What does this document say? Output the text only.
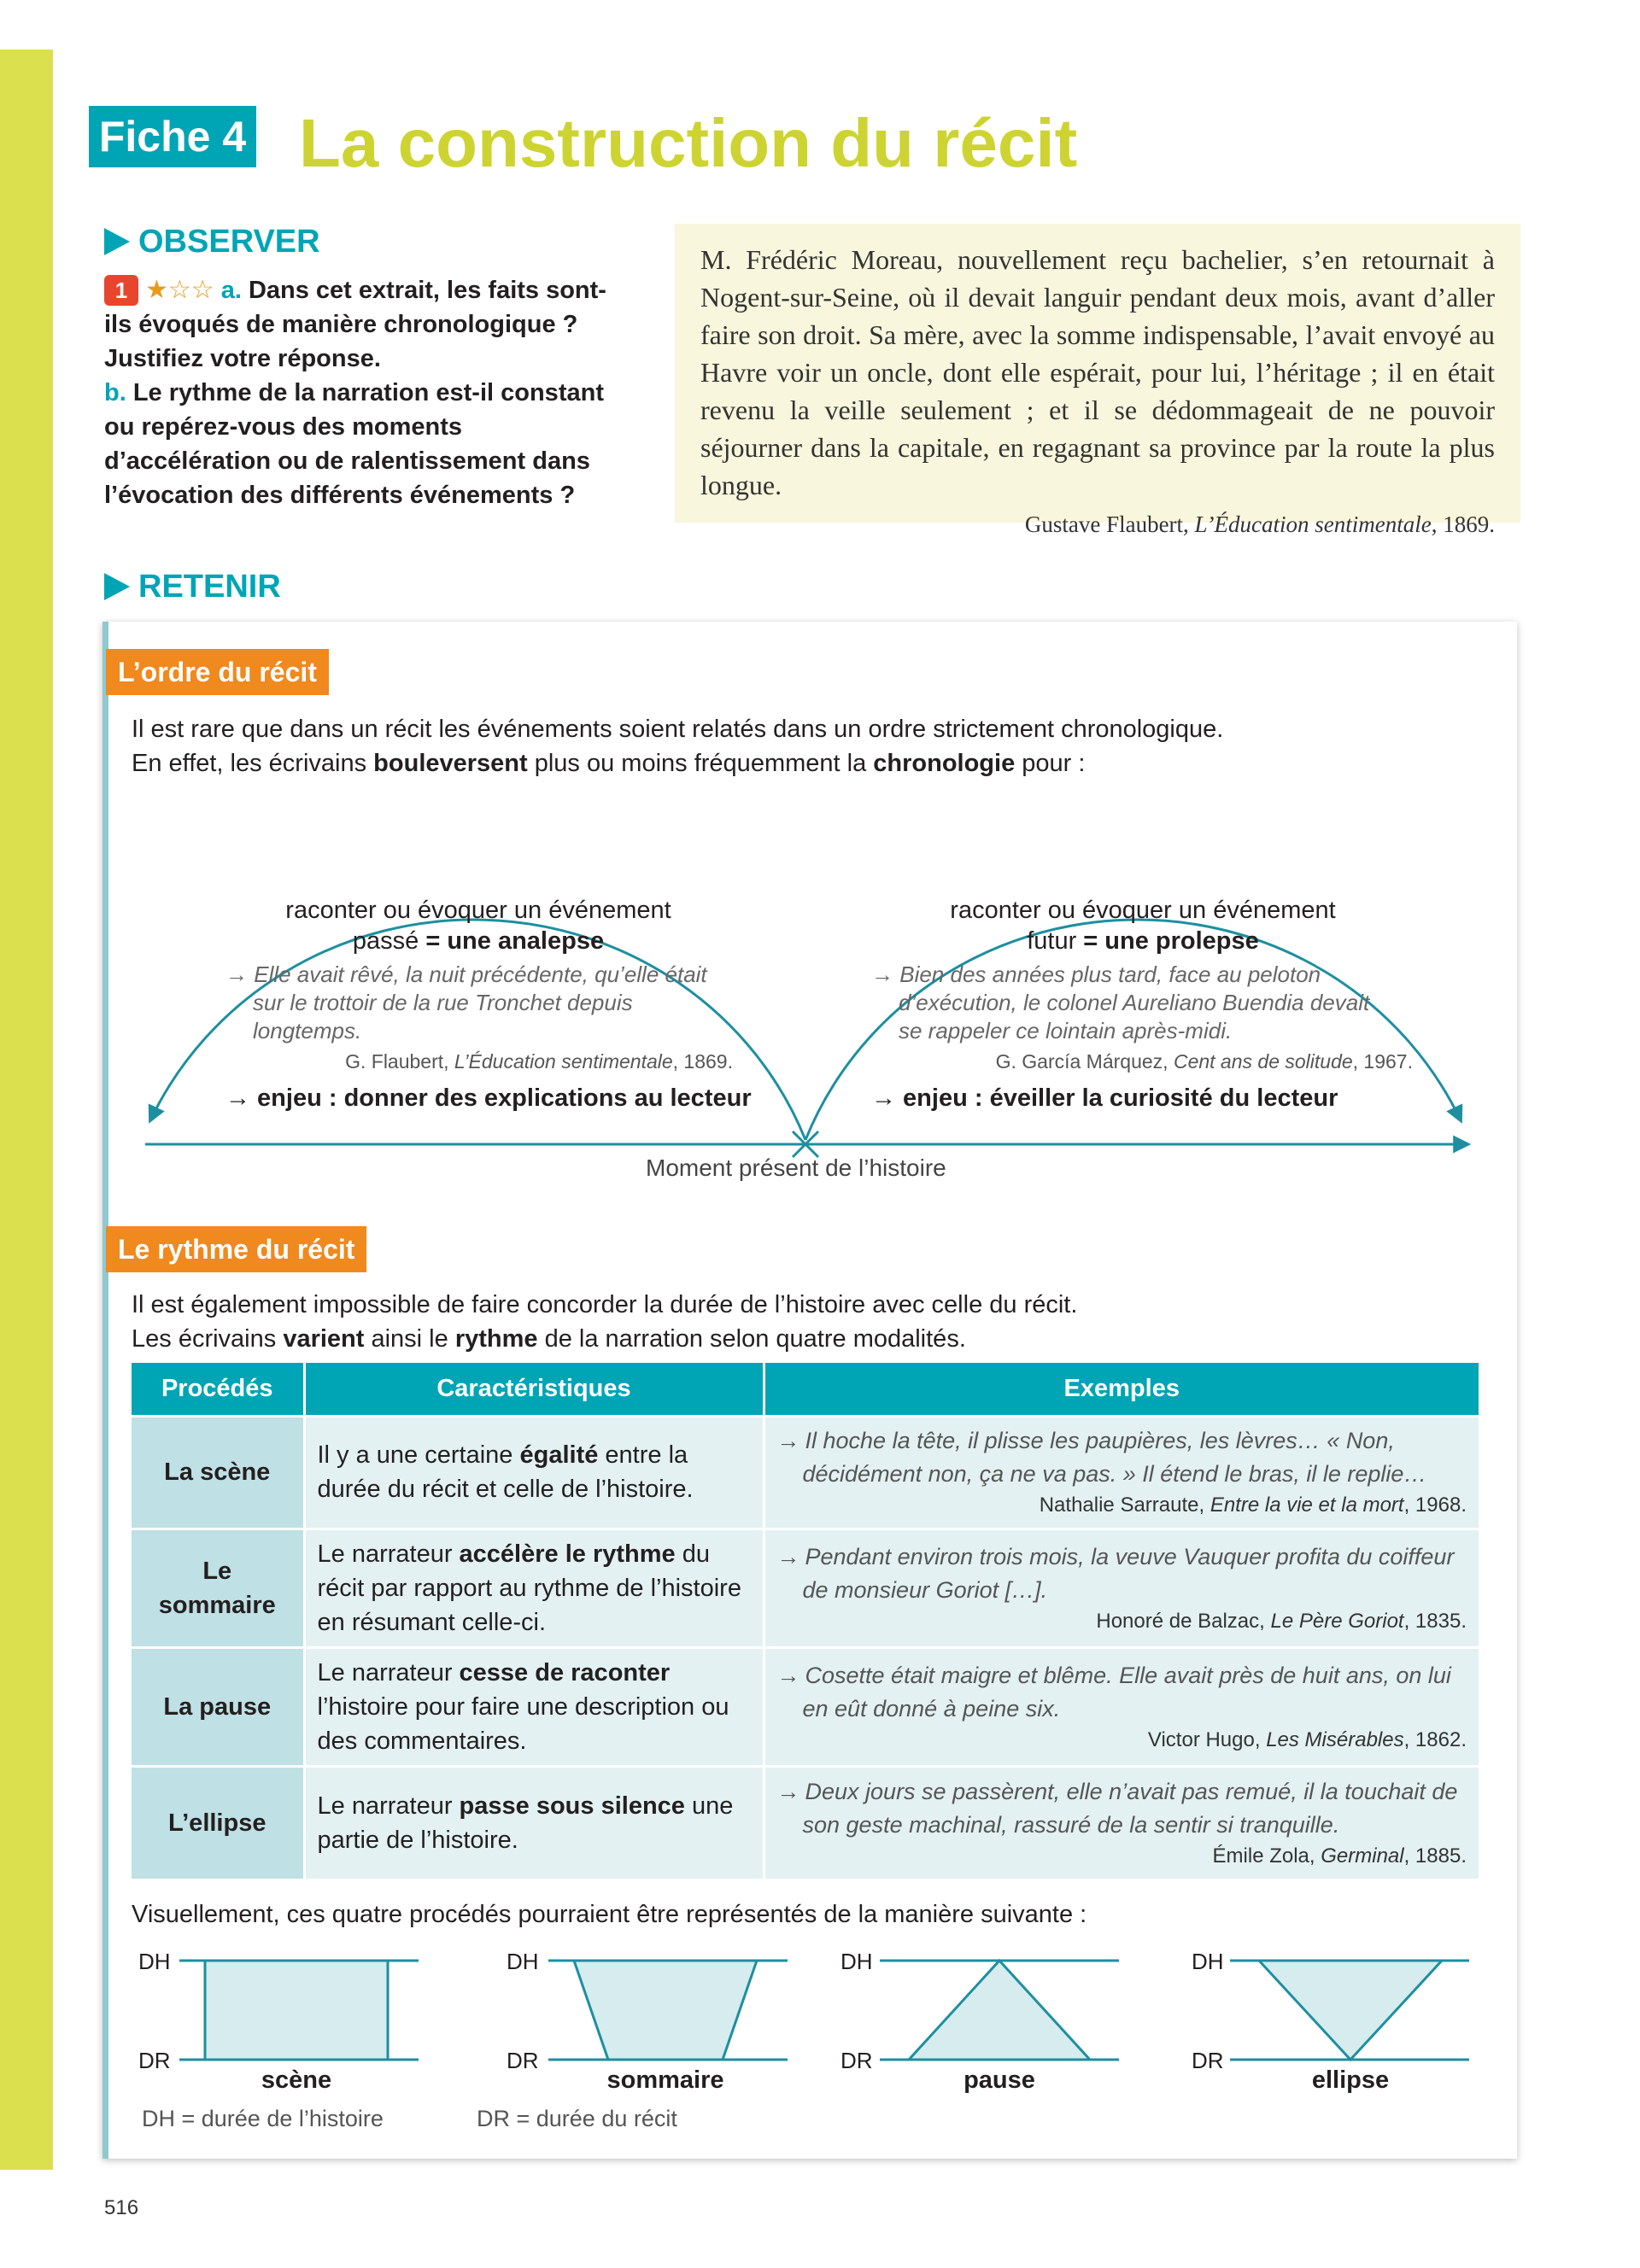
Fiche 4 La construction du récit
OBSERVER
1 ★☆☆ a. Dans cet extrait, les faits sont-ils évoqués de manière chronologique ? Justifiez votre réponse.
b. Le rythme de la narration est-il constant ou repérez-vous des moments d’accélération ou de ralentissement dans l’évocation des différents événements ?
M. Frédéric Moreau, nouvellement reçu bachelier, s’en retournait à Nogent-sur-Seine, où il devait languir pendant deux mois, avant d’aller faire son droit. Sa mère, avec la somme indispensable, l’avait envoyé au Havre voir un oncle, dont elle espérait, pour lui, l’héritage ; il en était revenu la veille seulement ; et il se dédommageait de ne pouvoir séjourner dans la capitale, en regagnant sa province par la route la plus longue.
Gustave Flaubert, L’Éducation sentimentale, 1869.
RETENIR
L’ordre du récit
Il est rare que dans un récit les événements soient relatés dans un ordre strictement chronologique.
En effet, les écrivains bouleversent plus ou moins fréquemment la chronologie pour :
raconter ou évoquer un événement
passé = une analepse
→ Elle avait rêvé, la nuit précédente, qu’elle était
sur le trottoir de la rue Tronchet depuis
longtemps.
G. Flaubert, L’Éducation sentimentale, 1869.
→ enjeu : donner des explications au lecteur
raconter ou évoquer un événement
futur = une prolepse
→ Bien des années plus tard, face au peloton
d’exécution, le colonel Aureliano Buendia devait
se rappeler ce lointain après-midi.
G. García Márquez, Cent ans de solitude, 1967.
→ enjeu : éveiller la curiosité du lecteur
Moment présent de l’histoire
Le rythme du récit
Il est également impossible de faire concorder la durée de l’histoire avec celle du récit.
Les écrivains varient ainsi le rythme de la narration selon quatre modalités.
Procédés	Caractéristiques	Exemples
La scène	Il y a une certaine égalité entre la durée du récit et celle de l’histoire.	→ Il hoche la tête, il plisse les paupières, les lèvres… « Non, décidément non, ça ne va pas. » Il étend le bras, il le replie…
Nathalie Sarraute, Entre la vie et la mort, 1968.

Le sommaire	Le narrateur accélère le rythme du récit par rapport au rythme de l’histoire en résumant celle-ci.	→ Pendant environ trois mois, la veuve Vauquer profita du coiffeur de monsieur Goriot […].
Honoré de Balzac, Le Père Goriot, 1835.

La pause	Le narrateur cesse de raconter l’histoire pour faire une description ou des commentaires.	→ Cosette était maigre et blême. Elle avait près de huit ans, on lui en eût donné à peine six.
Victor Hugo, Les Misérables, 1862.

L’ellipse	Le narrateur passe sous silence une partie de l’histoire.	→ Deux jours se passèrent, elle n’avait pas remué, il la touchait de son geste machinal, rassuré de la sentir si tranquille.
Émile Zola, Germinal, 1885.
Visuellement, ces quatre procédés pourraient être représentés de la manière suivante :
DH
DR
DH
DR
DH
DR
DH
DR
scène	sommaire	pause	ellipse
DH = durée de l’histoire	DR = durée du récit
516
